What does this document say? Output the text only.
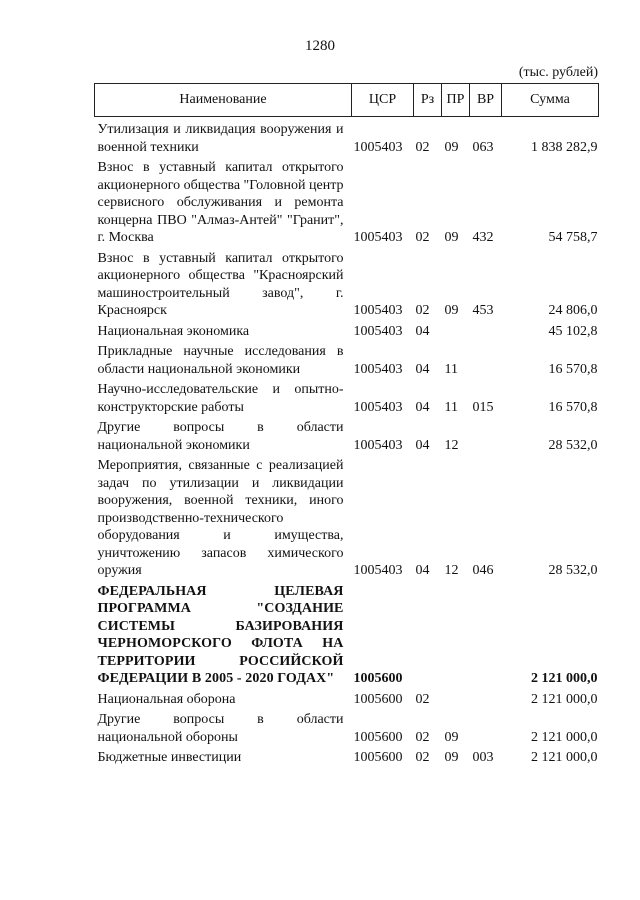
1280
(тыс. рублей)
Наименование	ЦСР	Рз	ПР	ВР	Сумма
Утилизация и ликвидация вооружения и военной техники	1005403	02	09	063	1 838 282,9
Взнос в уставный капитал открытого акционерного общества "Головной центр сервисного обслуживания и ремонта концерна ПВО "Алмаз-Антей" "Гранит", г. Москва	1005403	02	09	432	54 758,7
Взнос в уставный капитал открытого акционерного общества "Красноярский машиностроительный завод", г. Красноярск	1005403	02	09	453	24 806,0
Национальная экономика	1005403	04			45 102,8
Прикладные научные исследования в области национальной экономики	1005403	04	11		16 570,8
Научно-исследовательские и опытно-конструкторские работы	1005403	04	11	015	16 570,8
Другие вопросы в области национальной экономики	1005403	04	12		28 532,0
Мероприятия, связанные с реализацией задач по утилизации и ликвидации вооружения, военной техники, иного производственно-технического оборудования и имущества, уничтожению запасов химического оружия	1005403	04	12	046	28 532,0
ФЕДЕРАЛЬНАЯ ЦЕЛЕВАЯ ПРОГРАММА "СОЗДАНИЕ СИСТЕМЫ БАЗИРОВАНИЯ ЧЕРНОМОРСКОГО ФЛОТА НА ТЕРРИТОРИИ РОССИЙСКОЙ ФЕДЕРАЦИИ В 2005 - 2020 ГОДАХ"	1005600				2 121 000,0
Национальная оборона	1005600	02			2 121 000,0
Другие вопросы в области национальной обороны	1005600	02	09		2 121 000,0
Бюджетные инвестиции	1005600	02	09	003	2 121 000,0
